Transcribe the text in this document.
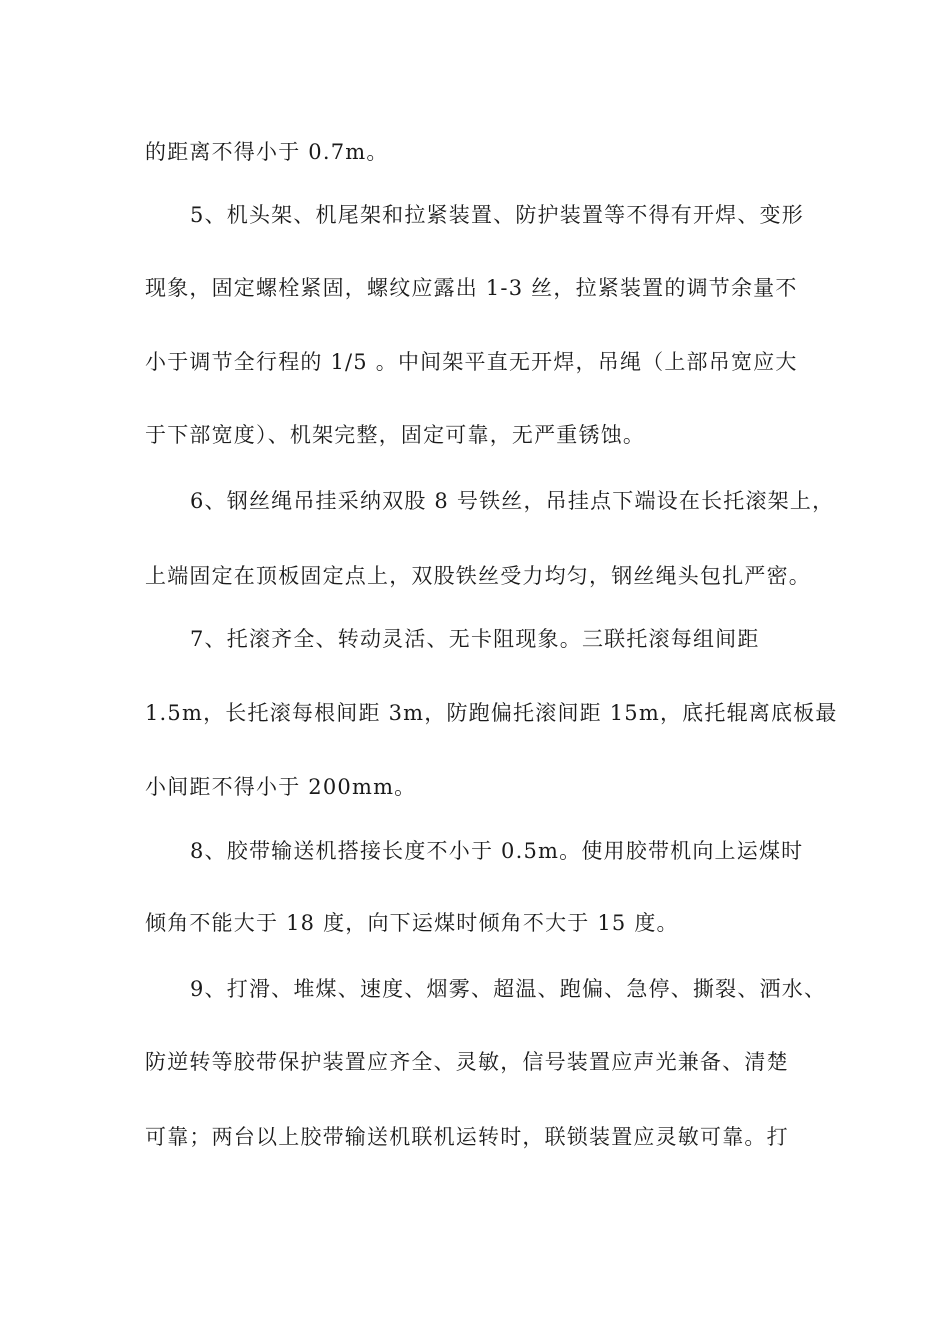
的距离不得小于 0.7m。
5、机头架、机尾架和拉紧装置、防护装置等不得有开焊、变形
现象，固定螺栓紧固，螺纹应露出 1-3 丝，拉紧装置的调节余量不
小于调节全行程的 1/5 。中间架平直无开焊，吊绳（上部吊宽应大
于下部宽度）、机架完整，固定可靠，无严重锈蚀。
6、钢丝绳吊挂采纳双股 8 号铁丝，吊挂点下端设在长托滚架上，
上端固定在顶板固定点上，双股铁丝受力均匀，钢丝绳头包扎严密。
7、托滚齐全、转动灵活、无卡阻现象。三联托滚每组间距
1.5m，长托滚每根间距 3m，防跑偏托滚间距 15m，底托辊离底板最
小间距不得小于 200mm。
8、胶带输送机搭接长度不小于 0.5m。使用胶带机向上运煤时
倾角不能大于 18 度，向下运煤时倾角不大于 15 度。
9、打滑、堆煤、速度、烟雾、超温、跑偏、急停、撕裂、洒水、
防逆转等胶带保护装置应齐全、灵敏，信号装置应声光兼备、清楚
可靠；两台以上胶带输送机联机运转时，联锁装置应灵敏可靠。打
